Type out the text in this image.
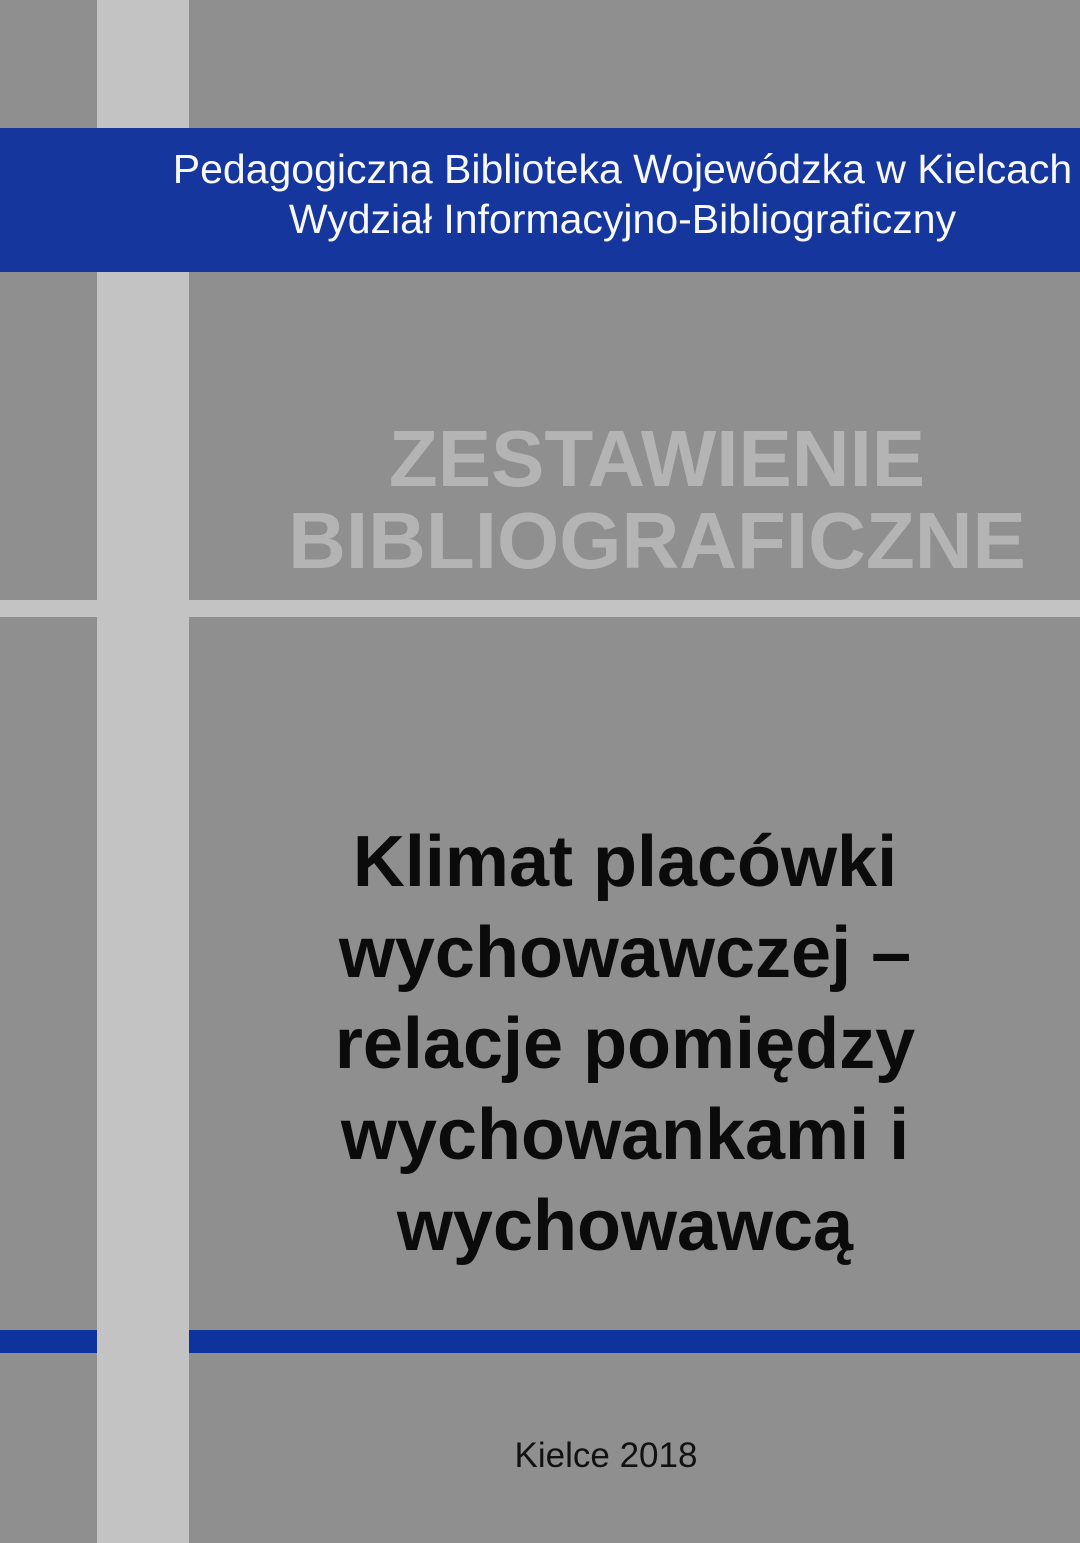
Pedagogiczna Biblioteka Wojewódzka w Kielcach
Wydział Informacyjno-Bibliograficzny
ZESTAWIENIE
BIBLIOGRAFICZNE
Klimat placówki
wychowawczej –
relacje pomiędzy
wychowankami i
wychowawcą
Kielce 2018
